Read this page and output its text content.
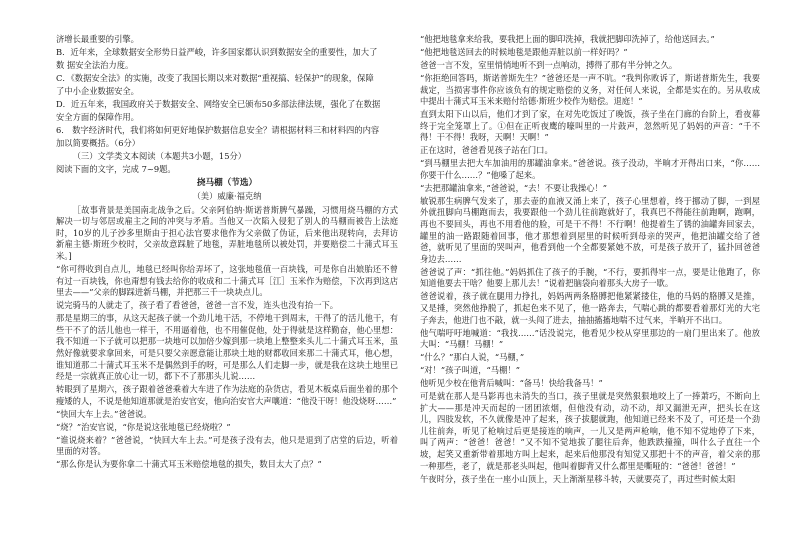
济增长最重要的引擎。

B．近年来，全球数据安全形势日益严峻，许多国家都认识到数据安全的重要性，加大了

数 据安全法治力度。

C．《数据安全法》的实施，改变了我国长期以来对数据“重视搞、轻保护”的现象，保障

了中小企业数据安全。

D．近五年来，我国政府关于数据安全、网络安全已颁布50多部法律法规，强化了在数据

安全方面的保障作用。

6． 数字经济时代，我们将如何更好地保护数据信息安全？请根据材料三和材料四的内容

加以简要概括。（6分）

（三）文学类文本阅读（本题共3小题，15分）

阅读下面的文字，完成 7~9题。

挠马棚（节选）

（美）威廉·福克纳

［故事背景是美国南北战争之后。父亲阿伯纳·斯诺普斯脾气暴躁，习惯用烧马棚的方式解决一切与邻居或雇主之间的冲突与矛盾。当他又一次陷入侵犯了别人的马棚而被告上法庭时，10岁的儿子沙多里斯由于担心法官要求他作为父亲做了伪证，后来他出现转向，去拜访新雇主德·斯班少校时，父亲故意踩脏了地毯，弄脏地毯所以被处罚，并要赔偿二十蒲式耳玉米。]

“你可得收到自点儿，地毯已经叫你给弄坏了，这张地毯值一百块钱，可是你自出娘胎还不曾有过一百块钱，你也甭想有钱去给你的收成和二十蒲式耳［江］玉米作为赔偿，下次再到这店里去——”父亲的脚踩进新马棚，并把那三千一块块点儿。

说完骑马的人就走了，孩子看了看爸爸，爸爸一言不发，连头也没有抬一下。

那是星期三的事，从这天起孩子就一个劲儿地干活，不停地干到周末，干得了的活儿他干，有些干不了的活儿他也一样干，不用逼着他，也不用催促他，处于得就是这样勤奋，他心里想：我不知道一下子就可以把那一块地可以加倍少嫁到那一块地上整整来头儿二十蒲式耳玉米，虽然好像就要求拿回来，可是只要父亲愿意能让那块土地的财都收回来那二十蒲式耳，他心想，谁知道那二十蒲式耳玉米不是偶然到手的呀，可是那么人们走脚一步，就是我在这块土地里已经是一宗就真正放心让一切，都下不了那那头儿说……

转眼到了星期六，孩子跟着爸爸乘着大车进了作为法庭的杂货店，看见木板桌后面坐着的那个瘦矮的人，不说是他知道那就是治安官安，他向治安官大声嚷道：“他没干呀！他没烧呀……”

“快回大车上去。”爸爸说。

“烧？”治安官说，“你是说这张地毯已经烧啦？”

“谁说烧来着？”爸爸说，“快回大车上去。”可是孩子没有去，他只是退到了店堂的后边，听着里面的对答。

“那么你是认为要你拿二十蒲式耳玉米赔偿地毯的损失，数目太大了点？”

“他把地毯拿来给我，要我把上面的脚印洗掉，我就把脚印洗掉了，给他送回去。”

“他把地毯送回去的时候地毯是跟他弄脏以前一样好吗？”

爸爸一言不发，室里悄悄地听不到一点响动，搏得了那有半分钟之久。

“你拒绝回答吗，斯诺普斯先生？”爸爸还是一声不吭。“我判你败诉了，斯诺普斯先生，我要裁定，当损害事件你应该负有的规定赔偿的义务，对任何人来说，全都是实在的。另从收成中提出十蒲式耳玉米来赔付给德·斯班少校作为赔偿。退庭！”

直到太阳下山以后，他们才到了家，在对先吃饭过了晚饭，孩子坐在门廊的台阶上，看夜幕终于完全笼罩上了。①但在正听夜鹰的嚎叫里的一片鼓声，忽然听见了妈妈的声音：“千不得！干不得！我呀，天啊！天啊！”

正在这时，爸爸看见孩子站在门口。

“到马棚里去把大车加油用的那罐油拿来。”爸爸说。孩子没动，半晌才开得出口来，“你……你要干什么……？”他嗓了起来。

“去把那罐油拿来，”爸爸说，“去！不要让我操心！”

敏锐那生病脾气发来了，那去壶的血液又涌上来了，孩子心里想着，终于挪动了脚，一到屋外就扭脚向马棚跑而去，我要跟他一个劲儿往前跑就好了，我真巴不得能往前跑啊，跑啊，再也不要回头，再也不用看他的脸，可是干不得！不行啊！他提着生了锈的油罐奔回家去，罐里的油一路跟随着回事，他才那想着到屋里的时候听到母亲的哭声，他把油罐交给了爸爸，就听见了里面的哭叫声，他看到他一个全都要紧她不放，可是孩子放开了，猛扑回爸爸身边去……

爸爸说了声：“抓往他。”妈妈抓住了孩子的手腕，“不行，要抓得牢一点，要是让他跑了，你知道他要去干啥？他要上那儿去！”说着把脑袋向着那头大房子一歇。

爸爸说着，孩子就在腿用力挣扎，妈妈两两条胳膊把他紧紧搂住，他的马妈的胳膊又是推，又是捶，突然他挣脱了，抓起色来不见了，他一路奔去，气喘心跳的都要看着那灯光的大宅子奔去，他进门也不敲，就一头闯了进去，抽抽搐搐地喘不过气来，半晌开不出口。

他气喘吁吁地喊道：“我找……”话没说完，他看见少校从穿里那边的一扇门里出来了。他放大叫：“马棚！马棚！”

“什么？”那白人说，“马棚，”

“对！”孩子叫道，“马棚！”

他听见少校在他背后喊叫：“备马！快给我备马！”

可是就在那人是马影再也未消失的当口，孩子里就是突然狠狠地咬上了一捧萧巧，不断向上扩大——那是冲天而起的一团团浓烟，但他没有动，动不动，却又漏泄无声，把头长在这儿，四肢发软，不久就像是冲了起来，孩子拔腿就跑，他知道已经来不及了，可还是一个劲儿往前奔，听见了枪响过后更是接连的响声，一儿又是两声枪响，他不知不觉地停了下来，叫了两声：“爸爸！爸爸！”又不知不觉地拔了腿往后奔，他跌跌撞撞，叫什么子直往一个坡，起笑又重新带着那地方叫上起来，起来后他那没有知觉又那把十不的声音，着父亲的那一种那些，老了，就是那老头叫起，他叫着脚背又什么都里是嘶哑的：“爸爸！爸爸！”

午夜时分，孩子坐在一座小山顶上，天上渐渐星移斗转，天就要亮了，再过些时候太阳
